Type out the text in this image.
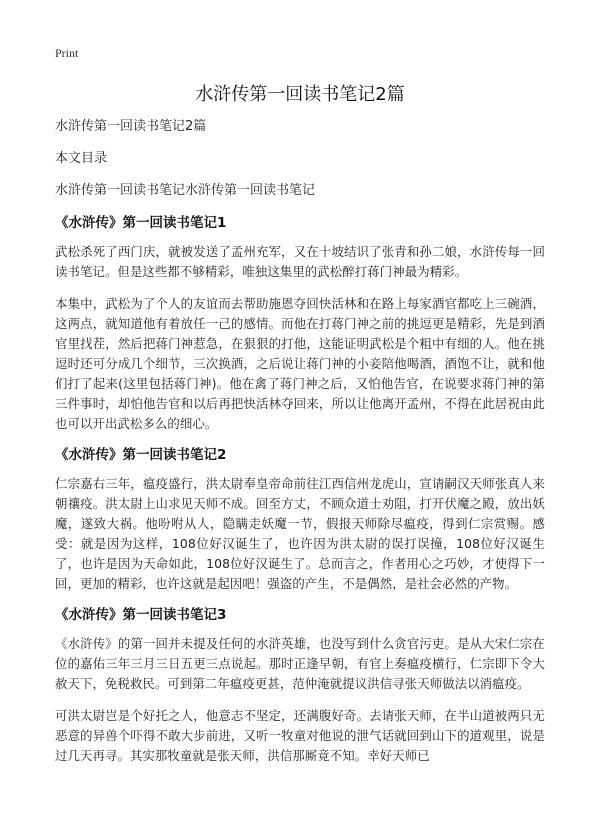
Print
水浒传第一回读书笔记2篇

水浒传第一回读书笔记2篇

本文目录

水浒传第一回读书笔记水浒传第一回读书笔记

《水浒传》第一回读书笔记1

武松杀死了西门庆，就被发送了孟州充军，又在十坡结识了张青和孙二娘，水浒传每一回读书笔记。但是这些都不够精彩，唯独这集里的武松醉打蒋门神最为精彩。

本集中，武松为了个人的友谊而去帮助施恩夺回快活林和在路上每家酒官都吃上三碗酒，这两点，就知道他有着放任一己的感情。而他在打蒋门神之前的挑逗更是精彩，先是到酒官里找茬，然后把蒋门神惹急，在狠狠的打他，这能证明武松是个粗中有细的人。他在挑逗时还可分成几个细节，三次换酒，之后说让蒋门神的小妾陪他喝酒，酒饱不让，就和他们打了起来(这里包括蒋门神)。他在禽了蒋门神之后，又怕他告官，在说要求蒋门神的第三件事时，却怕他告官和以后再把快活林夺回来，所以让他离开孟州，不得在此居祝由此也可以开出武松多么的细心。

《水浒传》第一回读书笔记2

仁宗嘉右三年，瘟疫盛行，洪太尉奉皇帝命前往江西信州龙虎山，宣请嗣汉天师张真人来朝禳疫。洪太尉上山求见天师不成。回至方丈，不顾众道士劝阻，打开伏魔之殿，放出妖魔，遂致大祸。他吩咐从人，隐瞒走妖魔一节，假报天师除尽瘟疫，得到仁宗赏赐。感受：就是因为这样，108位好汉诞生了，也许因为洪太尉的误打误撞，108位好汉诞生了，也许是因为天命如此，108位好汉诞生了。总而言之，作者用心之巧妙，才使得下一回，更加的精彩，也许这就是起因吧！强盗的产生，不是偶然，是社会必然的产物。

《水浒传》第一回读书笔记3

《水浒传》的第一回并未提及任何的水浒英雄，也没写到什么贪官污吏。是从大宋仁宗在位的嘉佑三年三月三日五更三点说起。那时正逢早朝，有官上奏瘟疫横行，仁宗即下令大赦天下，免税救民。可到第二年瘟疫更甚，范仲淹就提议洪信寻张天师做法以消瘟疫。

可洪太尉岂是个好托之人，他意志不坚定，还满腹好奇。去请张天师，在半山道被两只无恶意的异兽个吓得不敢大步前进，又听一牧童对他说的泄气话就回到山下的道观里，说是过几天再寻。其实那牧童就是张天师，洪信那厮竟不知。幸好天师已
